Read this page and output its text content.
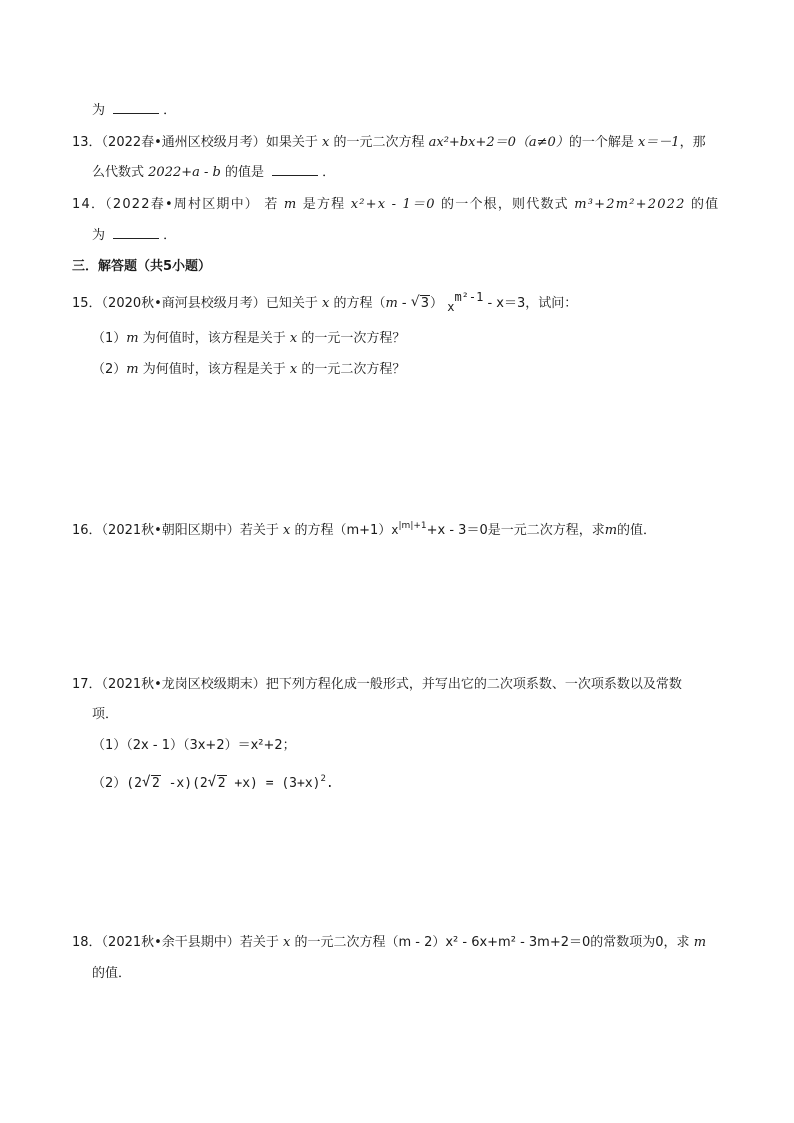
为	．
13．（2022春•通州区校级月考）如果关于 x 的一元二次方程 ax²+bx+2＝0（a≠0）的一个解是 x＝－1，那
么代数式 2022+a - b 的值是	．
14．（2022春•周村区期中） 若 m 是方程 x²+x - 1＝0 的一个根，则代数式 m³+2m²+2022 的值
为	．
三．解答题（共5小题）
15．（2020秋•商河县校级月考）已知关于 x 的方程（m - √ 3） $x^{m^2-1} - x=3$，试问：
（1）m 为何值时，该方程是关于 x 的一元一次方程？
（2）m 为何值时，该方程是关于 x 的一元二次方程？
16．（2021秋•朝阳区期中）若关于 x 的方程$(m+1)x^{|m|+1}+x - 3=0$是一元二次方程，求m的值．
17．（2021秋•龙岗区校级期末）把下列方程化成一般形式，并写出它的二次项系数、一次项系数以及常数
项．
（1）（2x - 1）（3x+2）＝x²+2；
（2）(2 √ 2 -x)(2 √ $2 +x) = (3+x)^2$.
18．（2021秋•余干县期中）若关于 x 的一元二次方程（m - 2）x² - 6x+m² - 3m+2＝0的常数项为0，求 m
的值．
